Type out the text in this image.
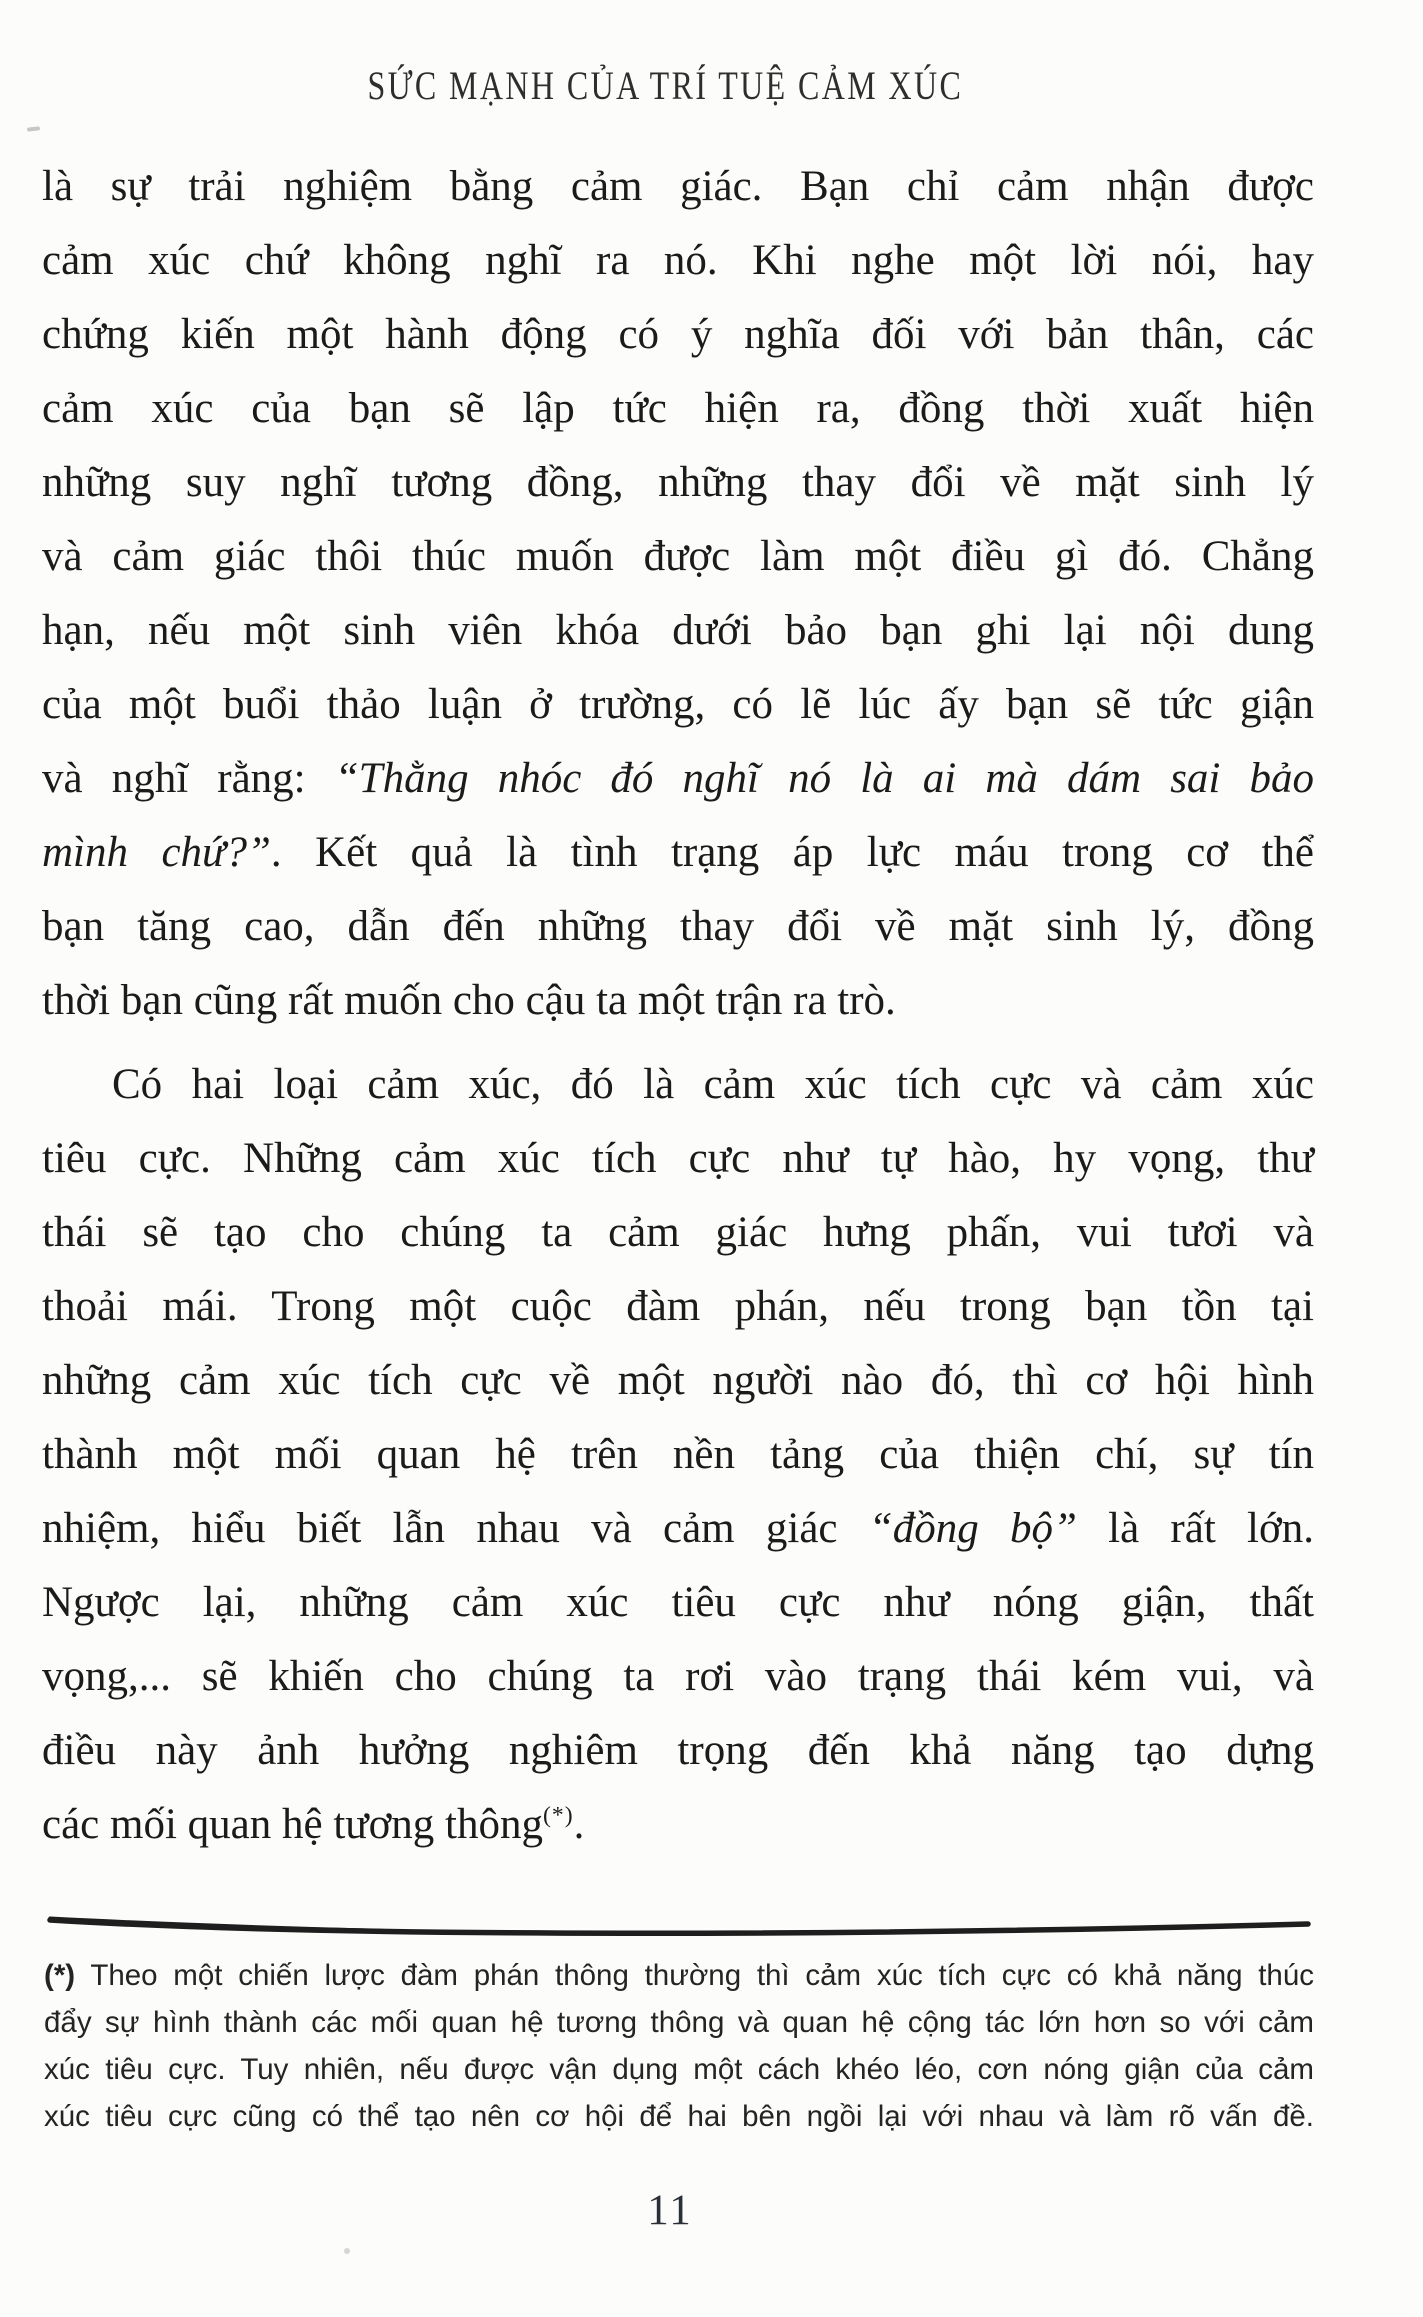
SỨC MẠNH CỦA TRÍ TUỆ CẢM XÚC
là sự trải nghiệm bằng cảm giác. Bạn chỉ cảm nhận được
cảm xúc chứ không nghĩ ra nó. Khi nghe một lời nói, hay
chứng kiến một hành động có ý nghĩa đối với bản thân, các
cảm xúc của bạn sẽ lập tức hiện ra, đồng thời xuất hiện
những suy nghĩ tương đồng, những thay đổi về mặt sinh lý
và cảm giác thôi thúc muốn được làm một điều gì đó. Chẳng
hạn, nếu một sinh viên khóa dưới bảo bạn ghi lại nội dung
của một buổi thảo luận ở trường, có lẽ lúc ấy bạn sẽ tức giận
và nghĩ rằng: “Thằng nhóc đó nghĩ nó là ai mà dám sai bảo
mình chứ?”. Kết quả là tình trạng áp lực máu trong cơ thể
bạn tăng cao, dẫn đến những thay đổi về mặt sinh lý, đồng
thời bạn cũng rất muốn cho cậu ta một trận ra trò.
Có hai loại cảm xúc, đó là cảm xúc tích cực và cảm xúc
tiêu cực. Những cảm xúc tích cực như tự hào, hy vọng, thư
thái sẽ tạo cho chúng ta cảm giác hưng phấn, vui tươi và
thoải mái. Trong một cuộc đàm phán, nếu trong bạn tồn tại
những cảm xúc tích cực về một người nào đó, thì cơ hội hình
thành một mối quan hệ trên nền tảng của thiện chí, sự tín
nhiệm, hiểu biết lẫn nhau và cảm giác “đồng bộ” là rất lớn.
Ngược lại, những cảm xúc tiêu cực như nóng giận, thất
vọng,... sẽ khiến cho chúng ta rơi vào trạng thái kém vui, và
điều này ảnh hưởng nghiêm trọng đến khả năng tạo dựng
các mối quan hệ tương thông(*).
(*) Theo một chiến lược đàm phán thông thường thì cảm xúc tích cực có khả năng thúc
đẩy sự hình thành các mối quan hệ tương thông và quan hệ cộng tác lớn hơn so với cảm
xúc tiêu cực. Tuy nhiên, nếu được vận dụng một cách khéo léo, cơn nóng giận của cảm
xúc tiêu cực cũng có thể tạo nên cơ hội để hai bên ngồi lại với nhau và làm rõ vấn đề.
11
